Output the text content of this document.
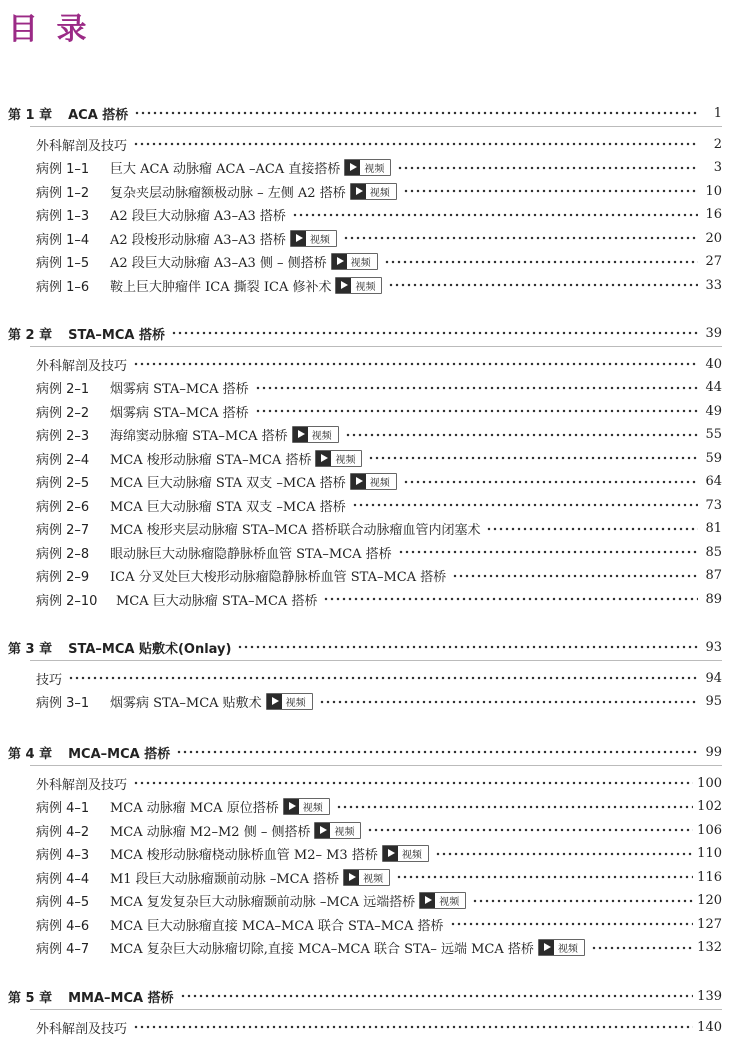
目 录
第 1 章 ACA 搭桥	1
外科解剖及技巧	2
病例 1–1	巨大 ACA 动脉瘤 ACA –ACA 直接搭桥	视频	3
病例 1–2	复杂夹层动脉瘤额极动脉 – 左侧 A2 搭桥	视频	10
病例 1–3	A2 段巨大动脉瘤 A3–A3 搭桥	16
病例 1–4	A2 段梭形动脉瘤 A3–A3 搭桥	视频	20
病例 1–5	A2 段巨大动脉瘤 A3–A3 侧 – 侧搭桥	视频	27
病例 1–6	鞍上巨大肿瘤伴 ICA 撕裂 ICA 修补术	视频	33
第 2 章 STA–MCA 搭桥	39
外科解剖及技巧	40
病例 2–1	烟雾病 STA–MCA 搭桥	44
病例 2–2	烟雾病 STA–MCA 搭桥	49
病例 2–3	海绵窦动脉瘤 STA–MCA 搭桥	视频	55
病例 2–4	MCA 梭形动脉瘤 STA–MCA 搭桥	视频	59
病例 2–5	MCA 巨大动脉瘤 STA 双支 –MCA 搭桥	视频	64
病例 2–6	MCA 巨大动脉瘤 STA 双支 –MCA 搭桥	73
病例 2–7	MCA 梭形夹层动脉瘤 STA–MCA 搭桥联合动脉瘤血管内闭塞术	81
病例 2–8	眼动脉巨大动脉瘤隐静脉桥血管 STA–MCA 搭桥	85
病例 2–9	ICA 分叉处巨大梭形动脉瘤隐静脉桥血管 STA–MCA 搭桥	87
病例 2–10	MCA 巨大动脉瘤 STA–MCA 搭桥	89
第 3 章 STA–MCA 贴敷术(Onlay)	93
技巧	94
病例 3–1	烟雾病 STA–MCA 贴敷术	视频	95
第 4 章 MCA–MCA 搭桥	99
外科解剖及技巧	100
病例 4–1	MCA 动脉瘤 MCA 原位搭桥	视频	102
病例 4–2	MCA 动脉瘤 M2–M2 侧 – 侧搭桥	视频	106
病例 4–3	MCA 梭形动脉瘤桡动脉桥血管 M2– M3 搭桥	视频	110
病例 4–4	M1 段巨大动脉瘤颞前动脉 –MCA 搭桥	视频	116
病例 4–5	MCA 复发复杂巨大动脉瘤颞前动脉 –MCA 远端搭桥	视频	120
病例 4–6	MCA 巨大动脉瘤直接 MCA–MCA 联合 STA–MCA 搭桥	127
病例 4–7	MCA 复杂巨大动脉瘤切除,直接 MCA–MCA 联合 STA– 远端 MCA 搭桥	视频	132
第 5 章 MMA–MCA 搭桥	139
外科解剖及技巧	140
